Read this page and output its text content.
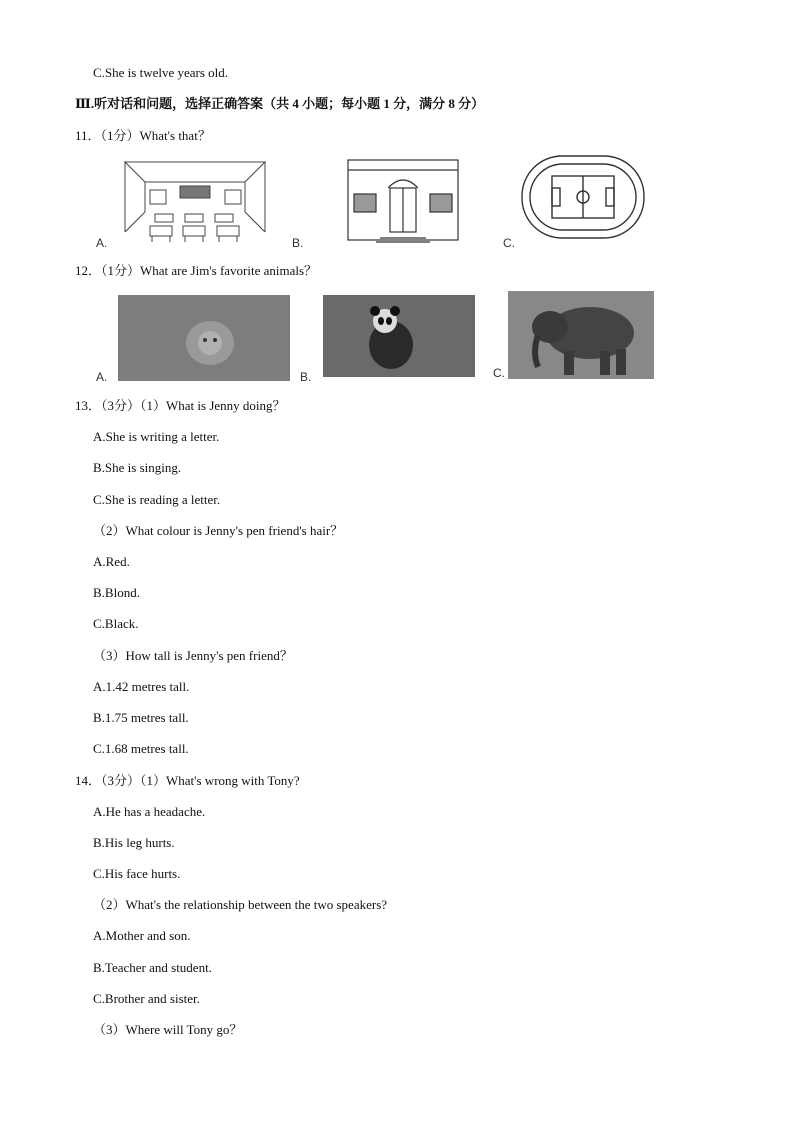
C.She is twelve years old.
Ⅲ.听对话和问题，选择正确答案（共 4 小题；每小题 1 分，满分 8 分）
11．（1分）What's that？
A.	B.	C.
12．（1分）What are Jim's favorite animals？
A.	B.	C.
13．（3分）（1）What is Jenny doing？
A.She is writing a letter.
B.She is singing.
C.She is reading a letter.
（2）What colour is Jenny's pen friend's hair？
A.Red.
B.Blond.
C.Black.
（3）How tall is Jenny's pen friend？
A.1.42 metres tall.
B.1.75 metres tall.
C.1.68 metres tall.
14．（3分）（1）What's wrong with Tony?
A.He has a headache.
B.His leg hurts.
C.His face hurts.
（2）What's the relationship between the two speakers?
A.Mother and son.
B.Teacher and student.
C.Brother and sister.
（3）Where will Tony go？
